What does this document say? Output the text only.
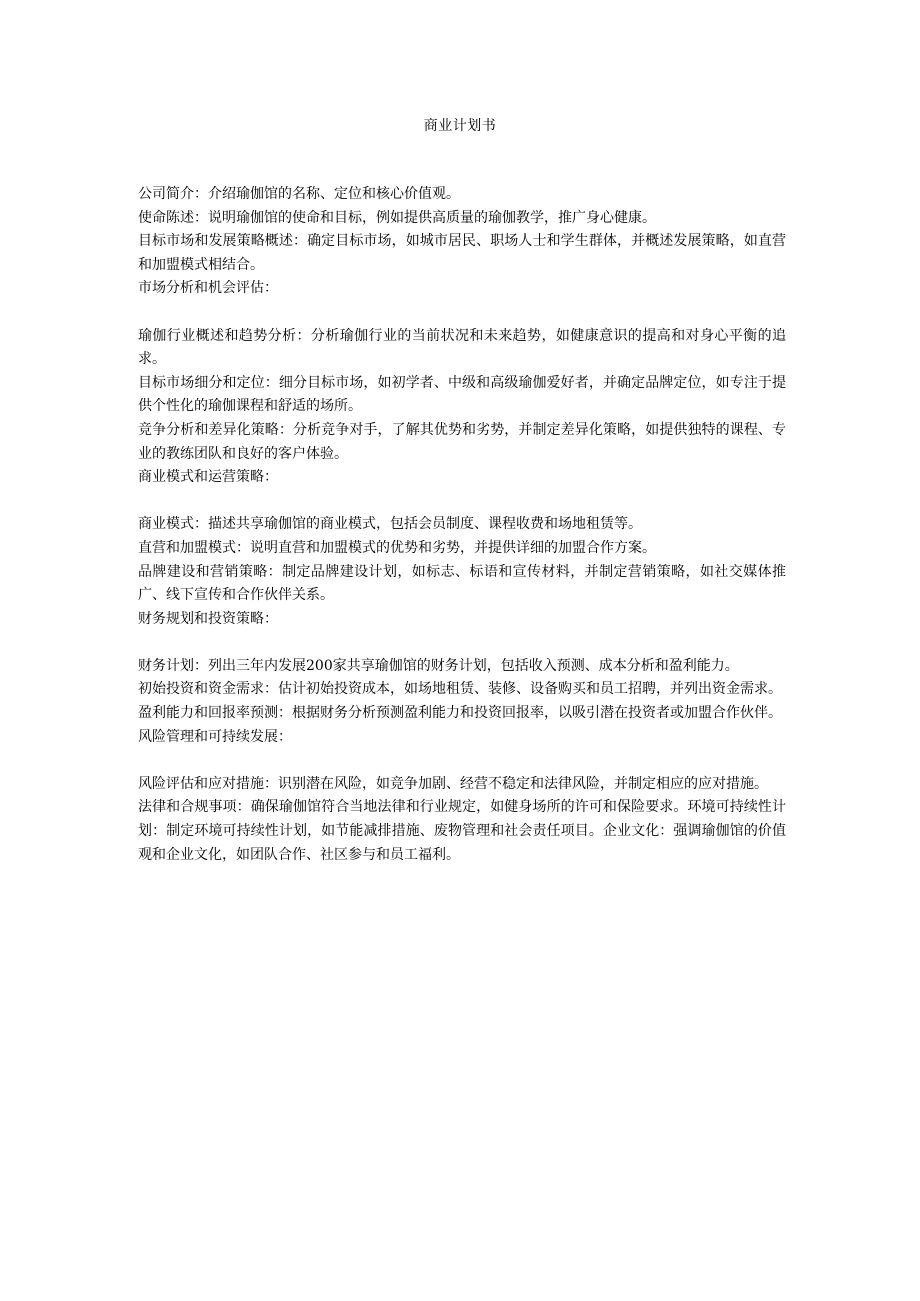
商业计划书

公司简介：介绍瑜伽馆的名称、定位和核心价值观。

使命陈述：说明瑜伽馆的使命和目标，例如提供高质量的瑜伽教学，推广身心健康。

目标市场和发展策略概述：确定目标市场，如城市居民、职场人士和学生群体，并概述发展策略，如直营和加盟模式相结合。

市场分析和机会评估：

瑜伽行业概述和趋势分析：分析瑜伽行业的当前状况和未来趋势，如健康意识的提高和对身心平衡的追求。

目标市场细分和定位：细分目标市场，如初学者、中级和高级瑜伽爱好者，并确定品牌定位，如专注于提供个性化的瑜伽课程和舒适的场所。

竞争分析和差异化策略：分析竞争对手，了解其优势和劣势，并制定差异化策略，如提供独特的课程、专业的教练团队和良好的客户体验。

商业模式和运营策略：

商业模式：描述共享瑜伽馆的商业模式，包括会员制度、课程收费和场地租赁等。

直营和加盟模式：说明直营和加盟模式的优势和劣势，并提供详细的加盟合作方案。

品牌建设和营销策略：制定品牌建设计划，如标志、标语和宣传材料，并制定营销策略，如社交媒体推广、线下宣传和合作伙伴关系。

财务规划和投资策略：

财务计划：列出三年内发展200家共享瑜伽馆的财务计划，包括收入预测、成本分析和盈利能力。

初始投资和资金需求：估计初始投资成本，如场地租赁、装修、设备购买和员工招聘，并列出资金需求。

盈利能力和回报率预测：根据财务分析预测盈利能力和投资回报率，以吸引潜在投资者或加盟合作伙伴。

风险管理和可持续发展：

风险评估和应对措施：识别潜在风险，如竞争加剧、经营不稳定和法律风险，并制定相应的应对措施。

法律和合规事项：确保瑜伽馆符合当地法律和行业规定，如健身场所的许可和保险要求。环境可持续性计划：制定环境可持续性计划，如节能减排措施、废物管理和社会责任项目。企业文化：强调瑜伽馆的价值观和企业文化，如团队合作、社区参与和员工福利。
